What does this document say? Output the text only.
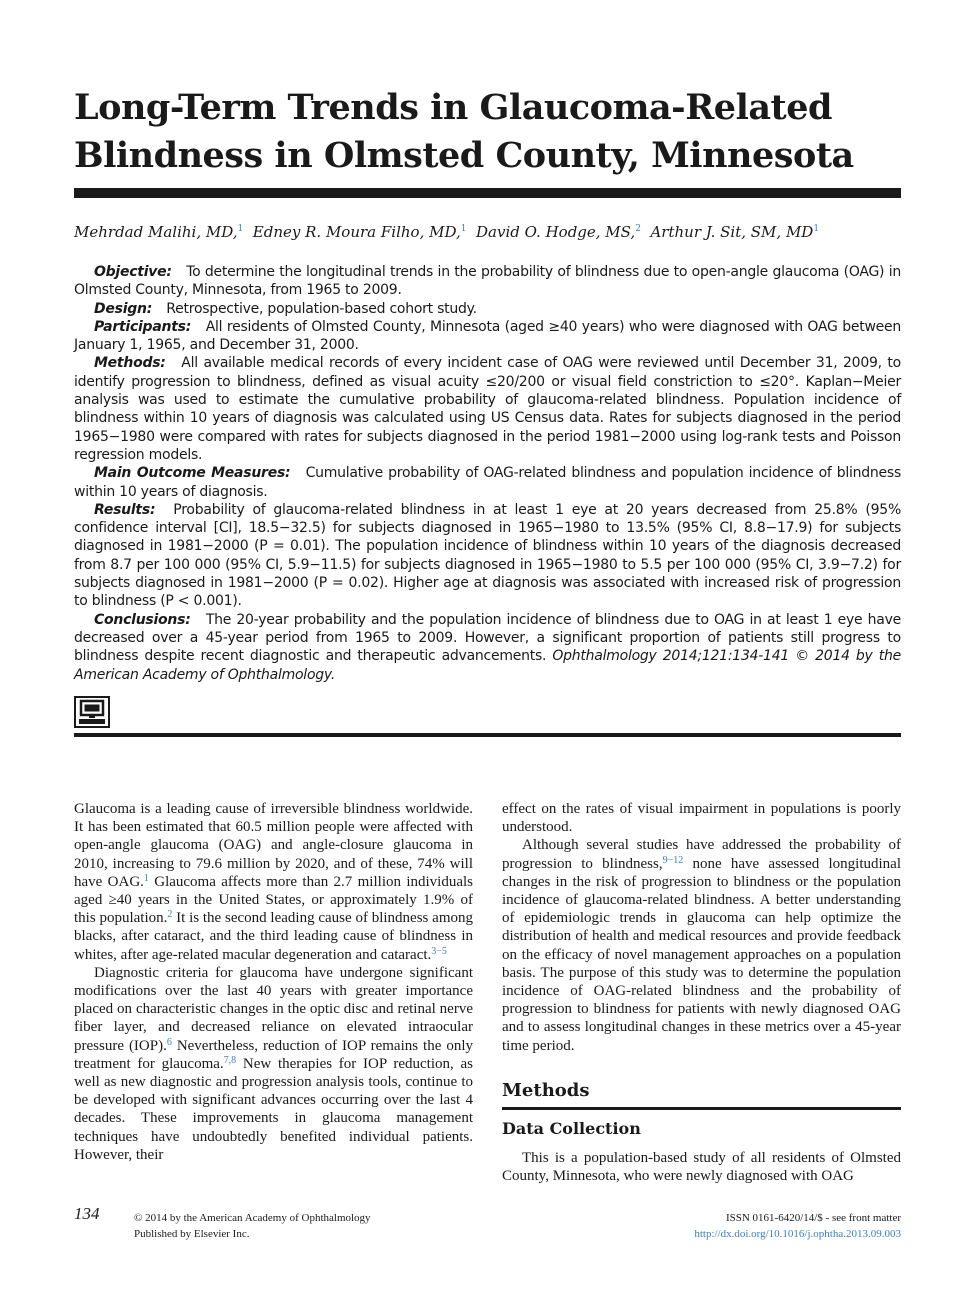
Long-Term Trends in Glaucoma-Related
Blindness in Olmsted County, Minnesota
Mehrdad Malihi, MD,$^1$ Edney R. Moura Filho, MD,$^1$ David O. Hodge, MS,$^2$ Arthur J. Sit, SM, $MD^1$

Objective: To determine the longitudinal trends in the probability of blindness due to open-angle glaucoma (OAG) in Olmsted County, Minnesota, from 1965 to 2009.

Design: Retrospective, population-based cohort study.

Participants: All residents of Olmsted County, Minnesota (aged ≥40 years) who were diagnosed with OAG between January 1, 1965, and December 31, 2000.

Methods: All available medical records of every incident case of OAG were reviewed until December 31, 2009, to identify progression to blindness, defined as visual acuity ≤20/200 or visual field constriction to ≤20°. Kaplan−Meier analysis was used to estimate the cumulative probability of glaucoma-related blindness. Population incidence of blindness within 10 years of diagnosis was calculated using US Census data. Rates for subjects diagnosed in the period 1965−1980 were compared with rates for subjects diagnosed in the period 1981−2000 using log-rank tests and Poisson regression models.

Main Outcome Measures: Cumulative probability of OAG-related blindness and population incidence of blindness within 10 years of diagnosis.

Results: Probability of glaucoma-related blindness in at least 1 eye at 20 years decreased from 25.8% (95% confidence interval [CI], 18.5−32.5) for subjects diagnosed in 1965−1980 to 13.5% (95% CI, 8.8−17.9) for subjects diagnosed in 1981−2000 (P = 0.01). The population incidence of blindness within 10 years of the diagnosis decreased from 8.7 per 100 000 (95% CI, 5.9−11.5) for subjects diagnosed in 1965−1980 to 5.5 per 100 000 (95% CI, 3.9−7.2) for subjects diagnosed in 1981−2000 (P = 0.02). Higher age at diagnosis was associated with increased risk of progression to blindness (P < 0.001).

Conclusions: The 20-year probability and the population incidence of blindness due to OAG in at least 1 eye have decreased over a 45-year period from 1965 to 2009. However, a significant proportion of patients still progress to blindness despite recent diagnostic and therapeutic advancements. Ophthalmology 2014;121:134-141 © 2014 by the American Academy of Ophthalmology.

Glaucoma is a leading cause of irreversible blindness worldwide. It has been estimated that 60.5 million people were affected with open-angle glaucoma (OAG) and angle-closure glaucoma in 2010, increasing to 79.6 million by 2020, and of these, 74% will have OAG.$^1$ Glaucoma affects more than 2.7 million individuals aged ≥40 years in the United States, or approximately 1.9% of this population.$^2$ It is the second leading cause of blindness among blacks, after cataract, and the third leading cause of blindness in whites, after age-related macular degeneration and cataract.$^{3-5}$

Diagnostic criteria for glaucoma have undergone significant modifications over the last 40 years with greater importance placed on characteristic changes in the optic disc and retinal nerve fiber layer, and decreased reliance on elevated intraocular pressure (IOP).$^6$ Nevertheless, reduction of IOP remains the only treatment for glaucoma.$^{7,8}$ New therapies for IOP reduction, as well as new diagnostic and progression analysis tools, continue to be developed with significant advances occurring over the last 4 decades. These improvements in glaucoma management techniques have undoubtedly benefited individual patients. However, their

effect on the rates of visual impairment in populations is poorly understood.

Although several studies have addressed the probability of progression to blindness,$^{9-12}$ none have assessed longitudinal changes in the risk of progression to blindness or the population incidence of glaucoma-related blindness. A better understanding of epidemiologic trends in glaucoma can help optimize the distribution of health and medical resources and provide feedback on the efficacy of novel management approaches on a population basis. The purpose of this study was to determine the population incidence of OAG-related blindness and the probability of progression to blindness for patients with newly diagnosed OAG and to assess longitudinal changes in these metrics over a 45-year time period.

Methods
Data Collection

This is a population-based study of all residents of Olmsted County, Minnesota, who were newly diagnosed with OAG

134	© 2014 by the American Academy of Ophthalmology
Published by Elsevier Inc.
ISSN 0161-6420/14/$ - see front matter
http://dx.doi.org/10.1016/j.ophtha.2013.09.003
